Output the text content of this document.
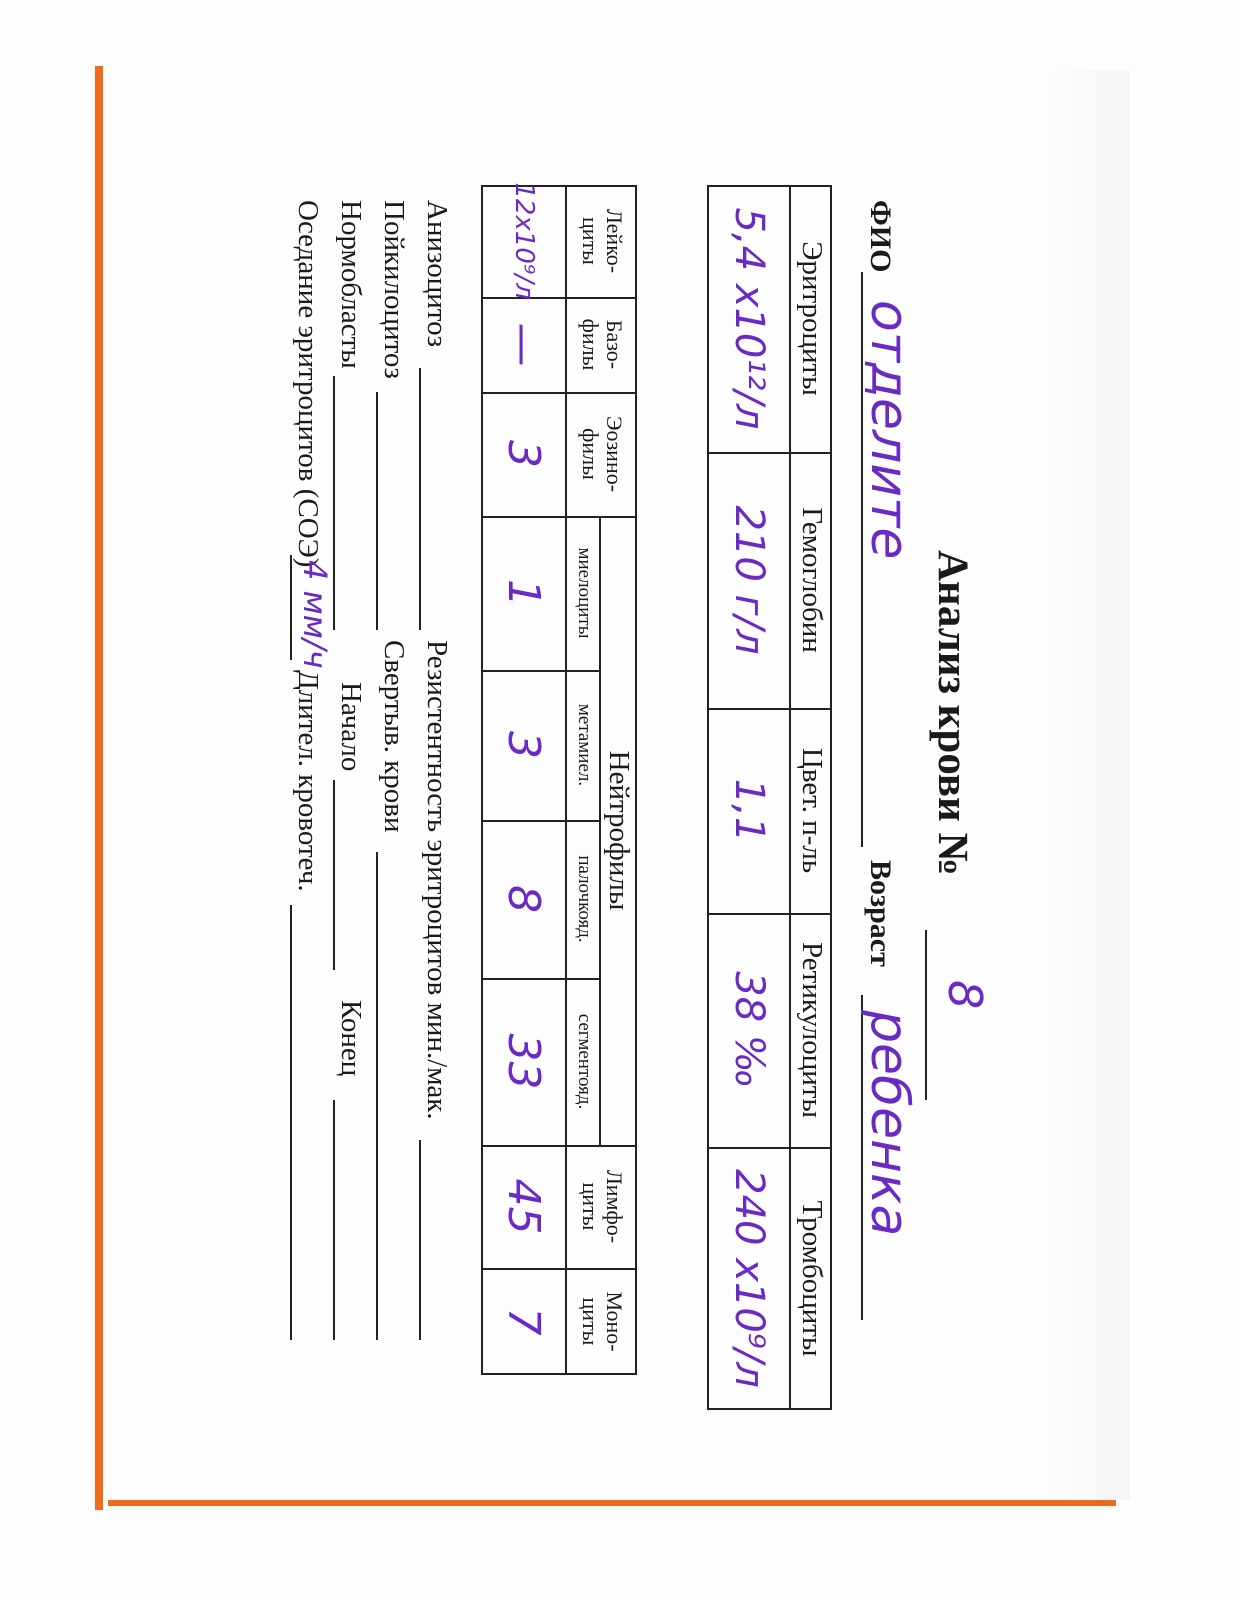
Анализ крови №
8
ФИО
отделите
Возраст
ребенка
Эритроциты
Гемоглобин
Цвет. п-ль
Ретикулоциты
Тромбоциты
5,4 х10¹²/л
210 г/л
1,1
38 ‰
240 х10⁹/л
Лейко-
циты
Базо-
филы
Эозино-
филы
Нейтрофилы
миелоциты
метамиел.
палочкояд.
сегментояд.
Лимфо-
циты
Моно-
циты
12х10⁹/л
—
3
1
3
8
33
45
7
Анизоцитоз
Пойкилоцитоз
Нормобласты
Оседание эритроцитов (СОЭ)
4 мм/ч
Резистентность эритроцитов мин./мак.
Свертыв. крови
Начало
Конец
Длител. кровотеч.
